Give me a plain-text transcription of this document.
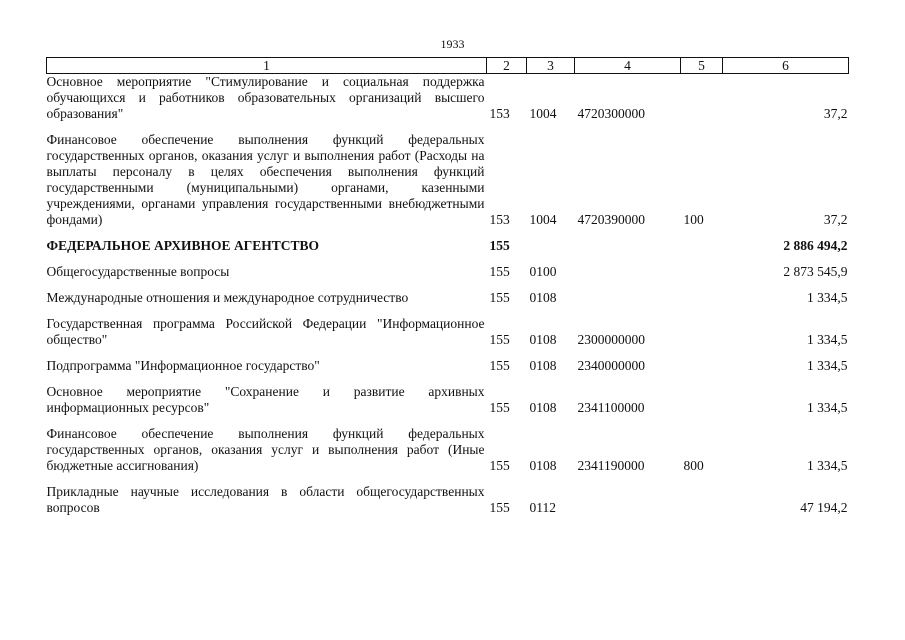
1933
1	2	3	4	5	6
Основное мероприятие "Стимулирование и социальная поддержка обучающихся и работников образовательных организаций высшего образования"	153	1004	4720300000		37,2

Финансовое обеспечение выполнения функций федеральных государственных органов, оказания услуг и выполнения работ (Расходы на выплаты персоналу в целях обеспечения выполнения функций государственными (муниципальными) органами, казенными учреждениями, органами управления государственными внебюджетными фондами)	153	1004	4720390000	100	37,2

ФЕДЕРАЛЬНОЕ АРХИВНОЕ АГЕНТСТВО	155				2 886 494,2

Общегосударственные вопросы	155	0100			2 873 545,9

Международные отношения и международное сотрудничество	155	0108			1 334,5

Государственная программа Российской Федерации "Информационное общество"	155	0108	2300000000		1 334,5

Подпрограмма "Информационное государство"	155	0108	2340000000		1 334,5

Основное мероприятие "Сохранение и развитие архивных информационных ресурсов"	155	0108	2341100000		1 334,5

Финансовое обеспечение выполнения функций федеральных государственных органов, оказания услуг и выполнения работ (Иные бюджетные ассигнования)	155	0108	2341190000	800	1 334,5

Прикладные научные исследования в области общегосударственных вопросов	155	0112			47 194,2
